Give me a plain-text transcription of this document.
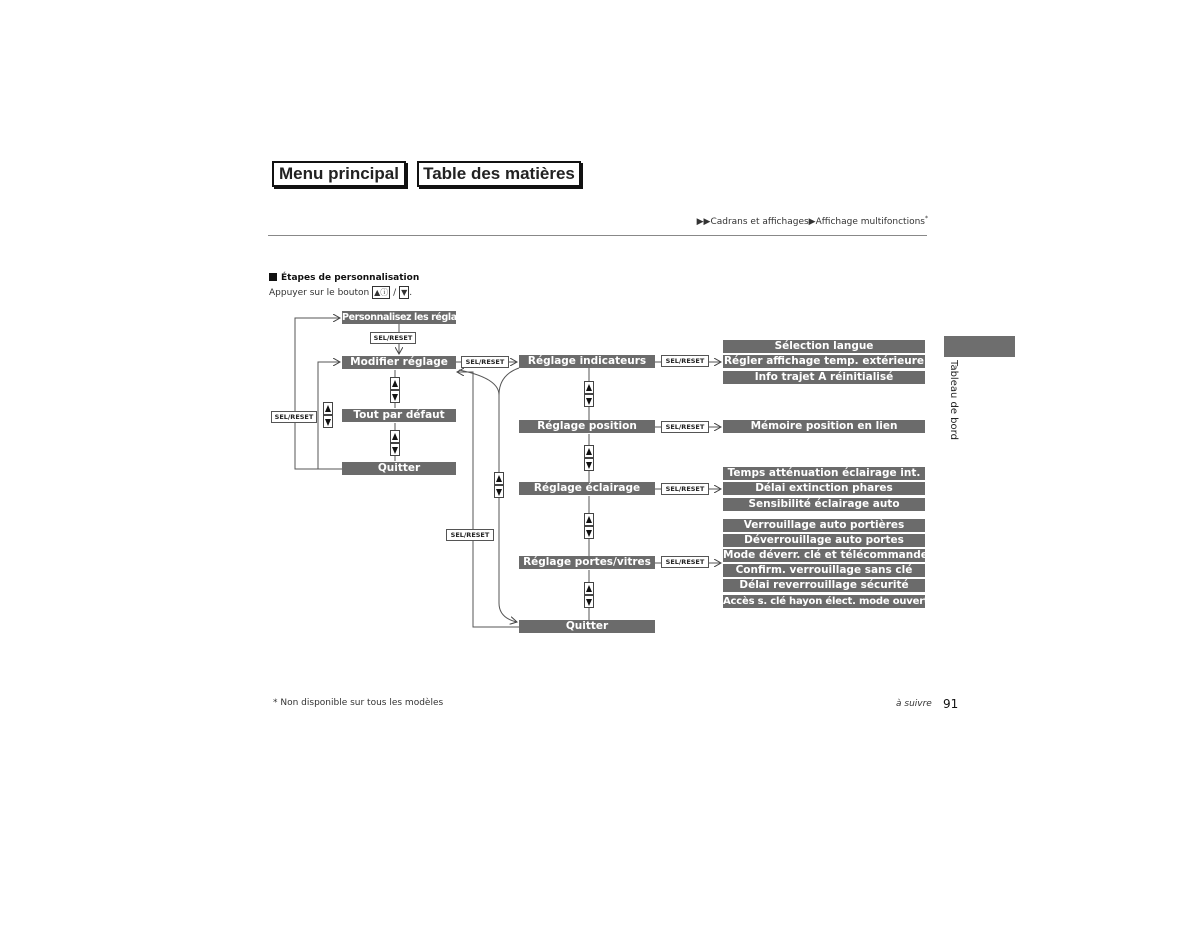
Menu principal	Table des matières
▶▶Cadrans et affichages▶Affichage multifonctions*
Tableau de bord
Étapes de personnalisation
Appuyer sur le bouton ▲ⓘ / ▼ .
Personnalisez les réglages
SEL/RESET
Modifier réglage
Tout par défaut
Quitter
SEL/RESET
SEL/RESET	Réglage indicateurs
Réglage position
Réglage éclairage
SEL/RESET
Réglage portes/vitres
Quitter
SEL/RESET
SEL/RESET
SEL/RESET
SEL/RESET
Sélection langue
Régler affichage temp. extérieure
Info trajet A réinitialisé
Mémoire position en lien
Temps atténuation éclairage int.
Délai extinction phares
Sensibilité éclairage auto
Verrouillage auto portières
Déverrouillage auto portes
Mode déverr. clé et télécommande
Confirm. verrouillage sans clé
Délai reverrouillage sécurité
Accès s. clé hayon élect. mode ouvert*
* Non disponible sur tous les modèles	à suivre 91
